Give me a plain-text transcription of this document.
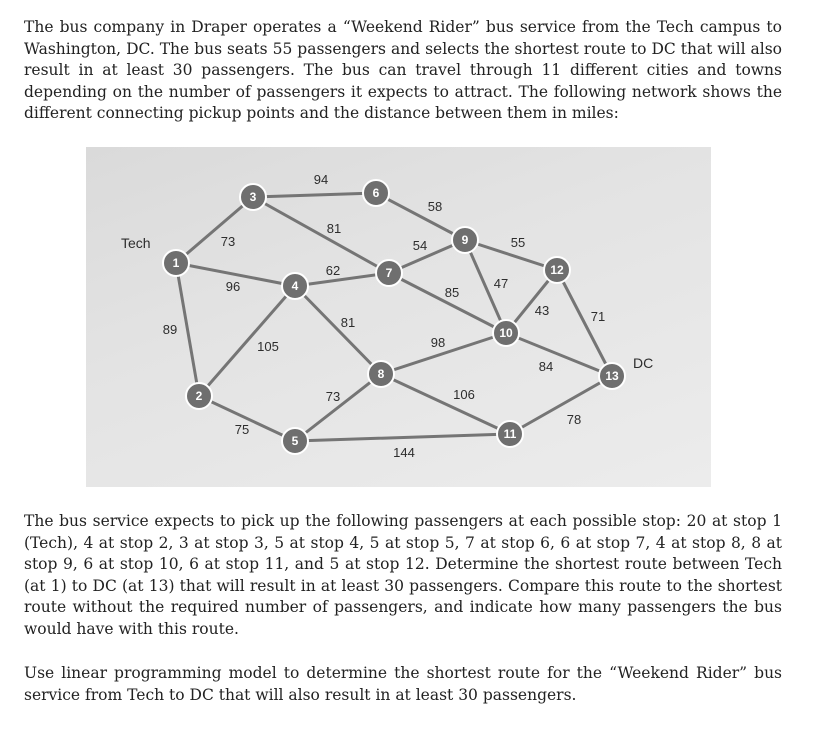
The bus company in Draper operates a “Weekend Rider” bus service from the Tech campus to Washington, DC. The bus seats 55 passengers and selects the shortest route to DC that will also result in at least 30 passengers. The bus can travel through 11 different cities and towns depending on the number of passengers it expects to attract. The following network shows the different connecting pickup points and the distance between them in miles:

73
96
89
94
81
105
75
62
81
73
144
58
54
85
98
106
55
47
43
84
78
71
1
2
3
4
5
6
7
8
9
10
11
12
13
Tech
DC

The bus service expects to pick up the following passengers at each possible stop: 20 at stop 1 (Tech), 4 at stop 2, 3 at stop 3, 5 at stop 4, 5 at stop 5, 7 at stop 6, 6 at stop 7, 4 at stop 8, 8 at stop 9, 6 at stop 10, 6 at stop 11, and 5 at stop 12. Determine the shortest route between Tech (at 1) to DC (at 13) that will result in at least 30 passengers. Compare this route to the shortest route without the required number of passengers, and indicate how many passengers the bus would have with this route.

Use linear programming model to determine the shortest route for the “Weekend Rider” bus service from Tech to DC that will also result in at least 30 passengers.
